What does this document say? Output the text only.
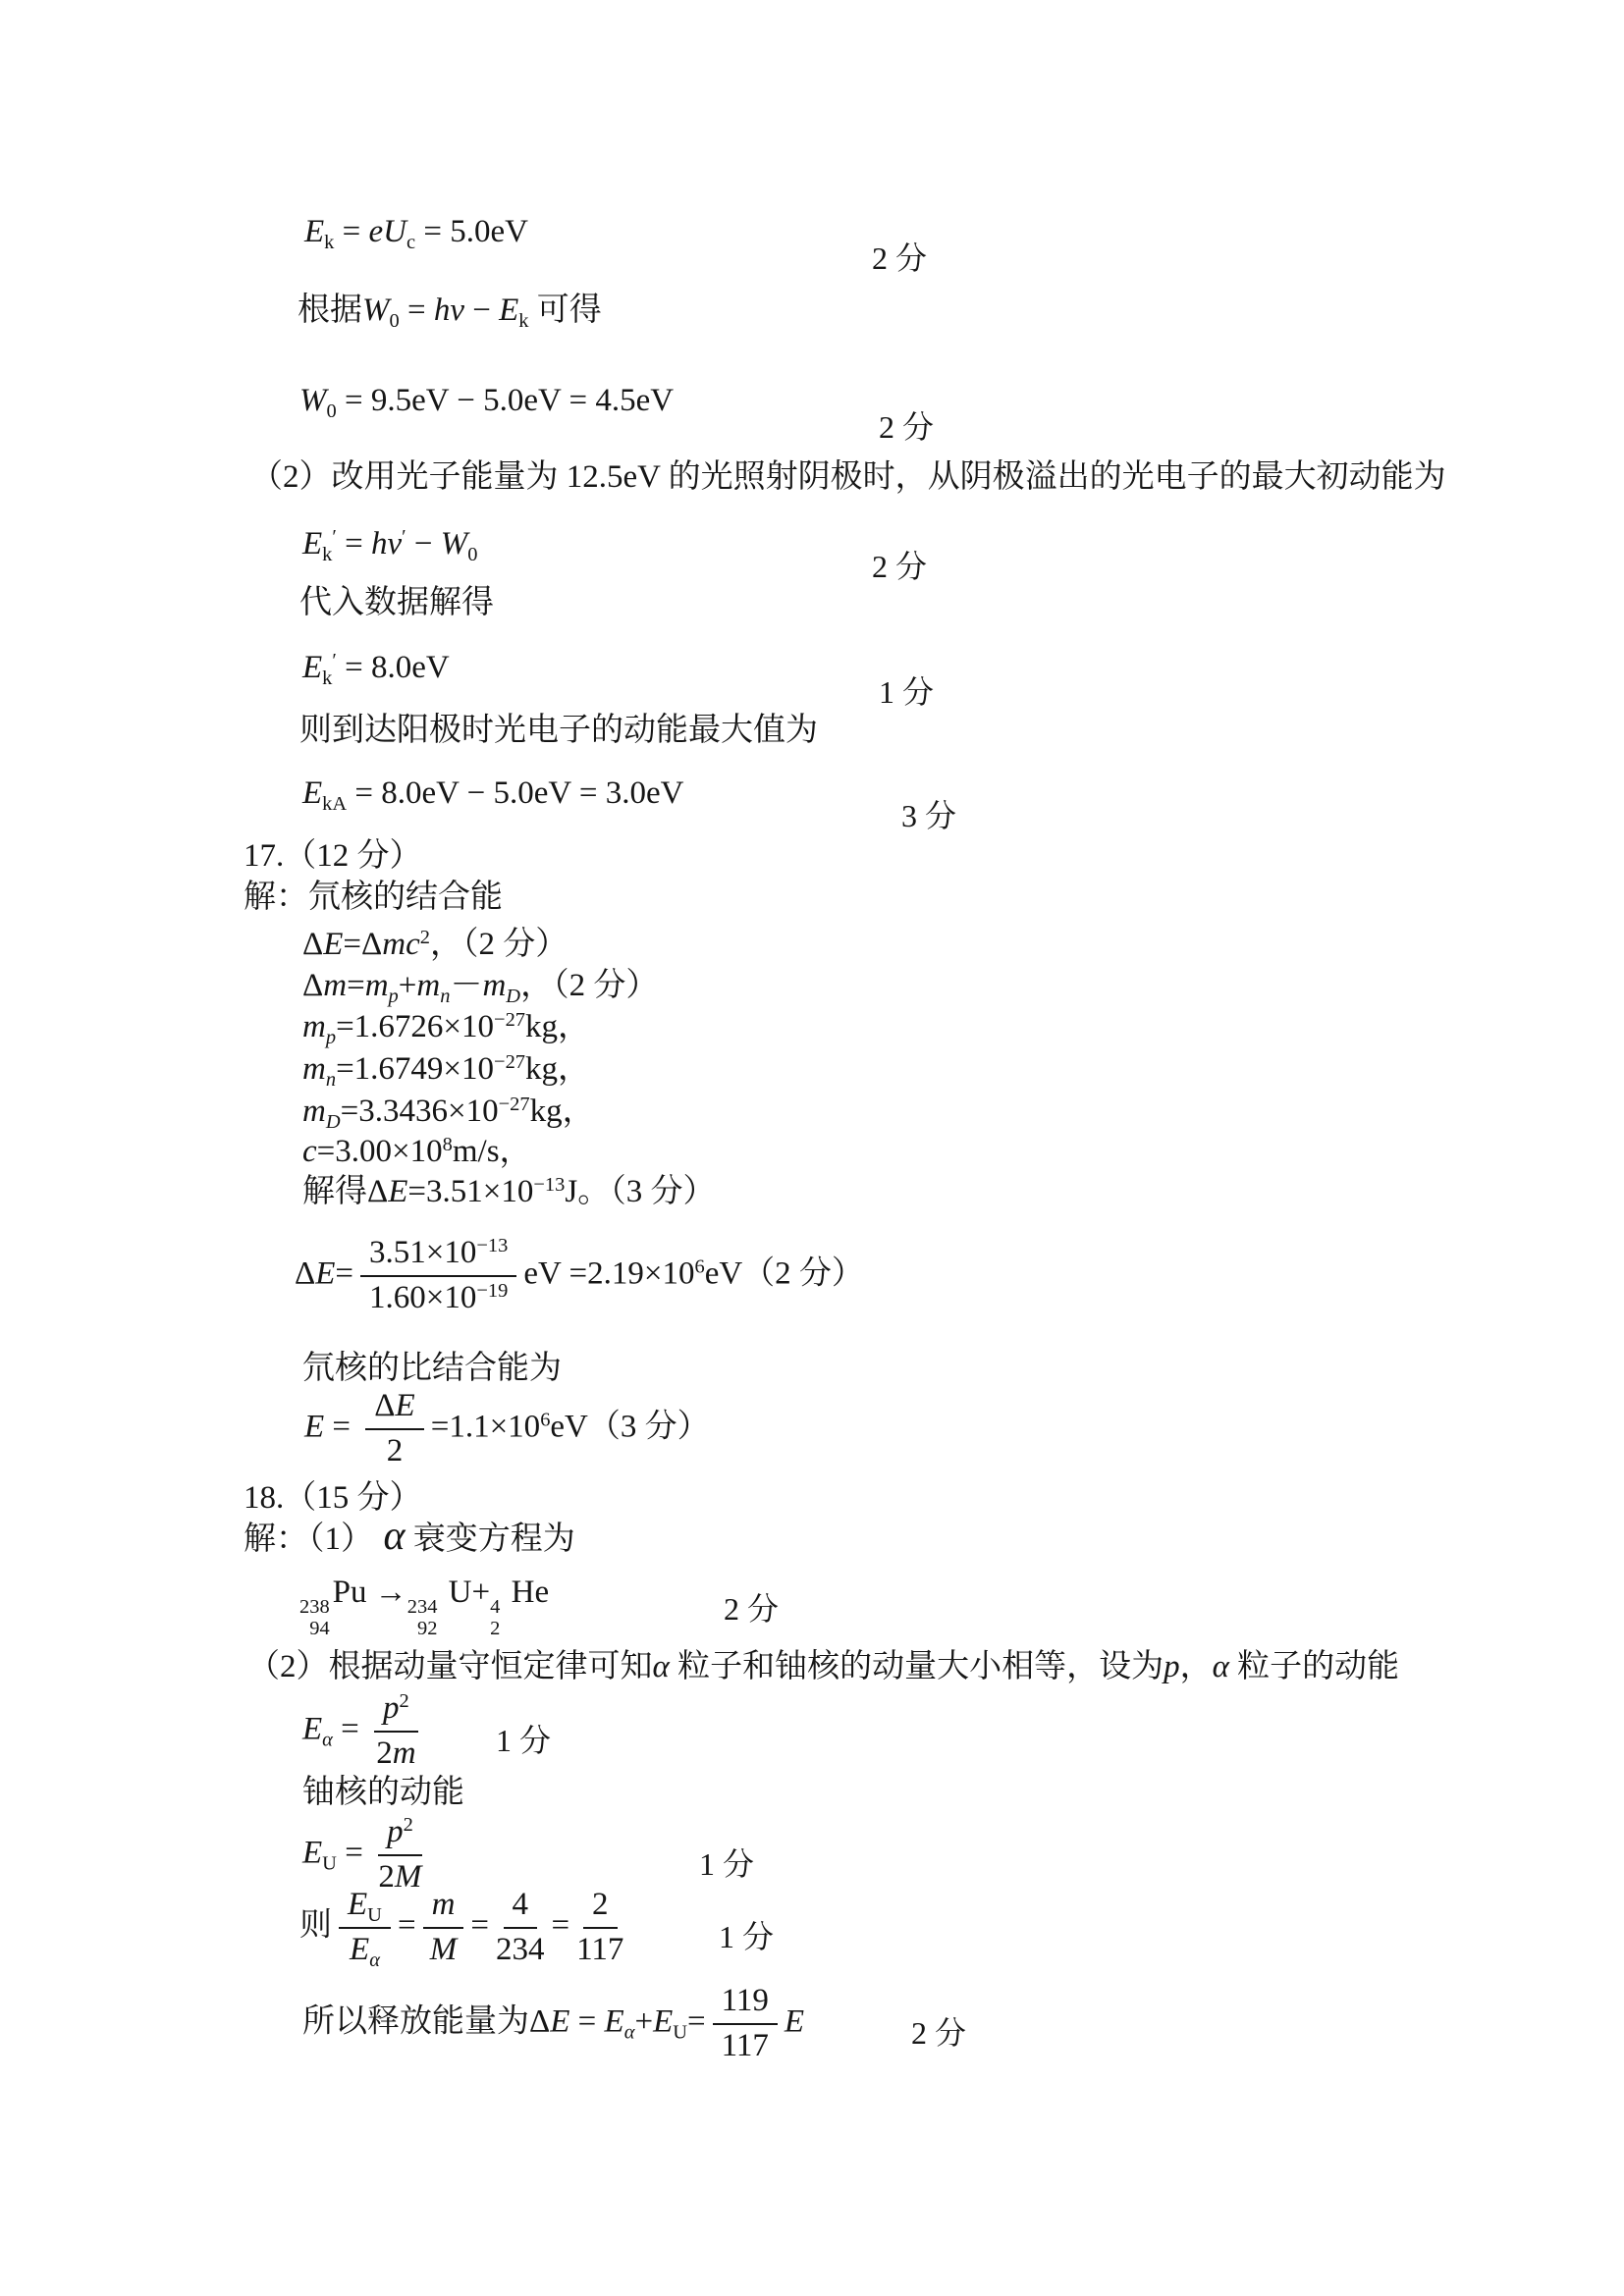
$E_k = eU_c = 5.0eV$
2 分
根据$W_0 = h\nu - E_k$ 可得
$W_0 = 9.5eV - 5.0eV = 4.5eV$
2 分
（2）改用光子能量为 12.5eV 的光照射阴极时，从阴极溢出的光电子的最大初动能为
$E_k' = h\nu' - W_0$	2 分
代入数据解得
$E_k' = 8.0eV$
1 分
则到达阳极时光电子的动能最大值为
$E_{kA} = 8.0eV - 5.0eV = 3.0eV$
3 分
17.（12 分）
解：氘核的结合能
ΔE=Δmc$^2$，（2 分）
$\Delta m=m_p+m_n-m_D$，（2 分）
$m_p=1.6726\times 10^{-27}kg$，
$m_n=1.6749\times 10^{-27}kg$，
$m_D=3.3436\times 10^{-27}kg$，
$c=3.00\times 10^8m/s$，
解得$\Delta E=3.51\times 10^{-13}J$。（3 分）
$\Delta E= \frac{3.51\times 10^{-13}}{1.60\times 10^{-19}}$ eV $=2.19\times 10^6eV(2$ 分）
氘核的比结合能为
$E = \frac{\Delta E}{2} =1.1\times 10^6eV(3$ 分）
18.（15 分）
解：（1） α 衰变方程为
238
94
Pu → 234
92
U+ 4
2
He	2 分
（2）根据动量守恒定律可知α 粒子和铀核的动量大小相等，设为p，α 粒子的动能
$E_\alpha = \frac{p^2}{2m} 1$ 分
铀核的动能
$E_U = \frac{p^2}{2M}$	1 分
则 $\frac{E_U}{E_\alpha} = \frac{m}{M} = \frac{4}{234} = \frac{2}{117}$	1 分
所以释放能量为$\Delta E = E_\alpha+E_U= \frac{119}{117}$ E	2 分
